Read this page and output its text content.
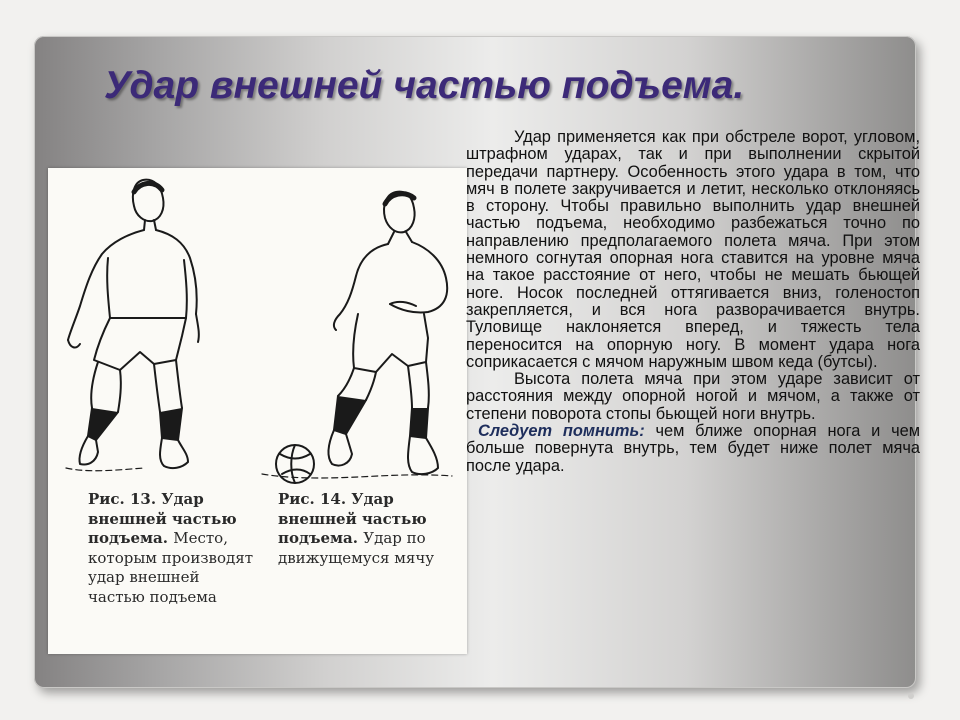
Удар внешней частью подъема.

Рис. 13. Удар внешней частью подъема. Место, которым производят удар внешней частью подъема

Рис. 14. Удар внешней частью подъема. Удар по движущемуся мячу

Удар применяется как при обстреле ворот, угловом, штрафном ударах, так и при выполнении скрытой передачи партнеру. Особенность этого удара в том, что мяч в полете закручивается и летит, несколько отклоняясь в сторону. Чтобы правильно выполнить удар внешней частью подъема, необходимо разбежаться точно по направлению предполагаемого полета мяча. При этом немного согнутая опорная нога ставится на уровне мяча на такое расстояние от него, чтобы не мешать бьющей ноге. Носок последней оттягивается вниз, голеностоп закрепляется, и вся нога разворачивается внутрь. Туловище наклоняется вперед, и тяжесть тела переносится на опорную ногу. В момент удара нога соприкасается с мячом наружным швом кеда (бутсы).

Высота полета мяча при этом ударе зависит от расстояния между опорной ногой и мячом, а также от степени поворота стопы бьющей ноги внутрь.

Следует помнить: чем ближе опорная нога и чем больше повернута внутрь, тем будет ниже полет мяча после удара.
